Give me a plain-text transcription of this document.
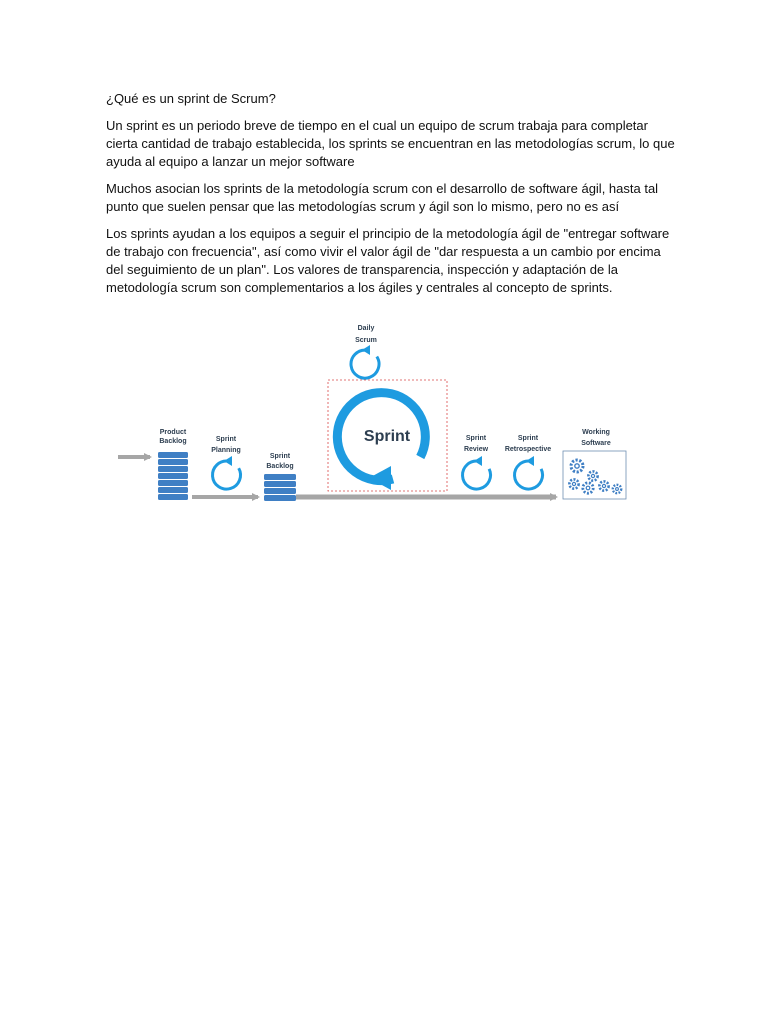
¿Qué es un sprint de Scrum?

Un sprint es un periodo breve de tiempo en el cual un equipo de scrum trabaja para completar
cierta cantidad de trabajo establecida, los sprints se encuentran en las metodologías scrum, lo que
ayuda al equipo a lanzar un mejor software

Muchos asocian los sprints de la metodología scrum con el desarrollo de software ágil, hasta tal
punto que suelen pensar que las metodologías scrum y ágil son lo mismo, pero no es así

Los sprints ayudan a los equipos a seguir el principio de la metodología ágil de "entregar software
de trabajo con frecuencia", así como vivir el valor ágil de "dar respuesta a un cambio por encima
del seguimiento de un plan". Los valores de transparencia, inspección y adaptación de la
metodología scrum son complementarios a los ágiles y centrales al concepto de sprints.

Product
Backlog	Sprint
Planning
Sprint
Backlog
Daily
Scrum
Sprint	Sprint
Review
Sprint
Retrospective
Working
Software
